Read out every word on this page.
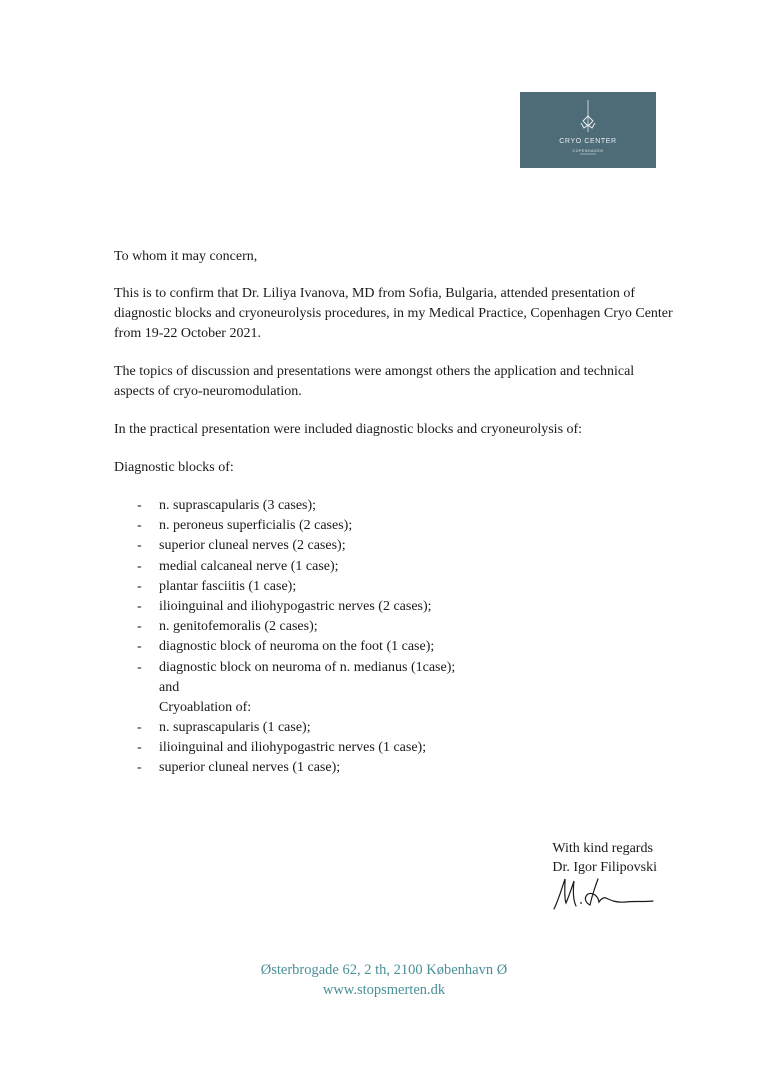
CRYO CENTER
COPENHAGEN

To whom it may concern,

This is to confirm that Dr. Liliya Ivanova, MD from Sofia, Bulgaria, attended presentation of diagnostic blocks and cryoneurolysis procedures, in my Medical Practice, Copenhagen Cryo Center from 19-22 October 2021.

The topics of discussion and presentations were amongst others the application and technical aspects of cryo-neuromodulation.

In the practical presentation were included diagnostic blocks and cryoneurolysis of:

Diagnostic blocks of:

- n. suprascapularis (3 cases);
- n. peroneus superficialis (2 cases);
- superior cluneal nerves (2 cases);
- medial calcaneal nerve (1 case);
- plantar fasciitis (1 case);
- ilioinguinal and iliohypogastric nerves (2 cases);
- n. genitofemoralis (2 cases);
- diagnostic block of neuroma on the foot (1 case);
- diagnostic block on neuroma of n. medianus (1case);
and
Cryoablation of:
- n. suprascapularis (1 case);
- ilioinguinal and iliohypogastric nerves (1 case);
- superior cluneal nerves (1 case);
With kind regards
Dr. Igor Filipovski
Østerbrogade 62, 2 th, 2100 København Ø
www.stopsmerten.dk
